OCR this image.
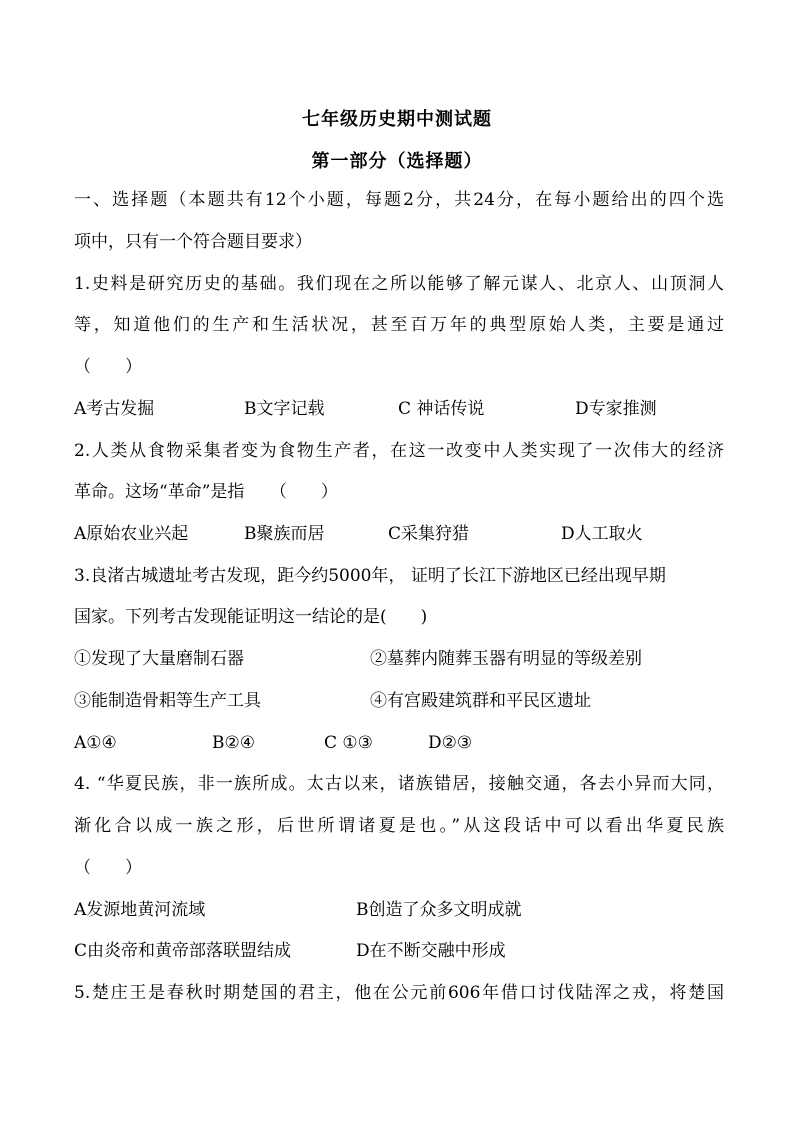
七年级历史期中测试题
第一部分（选择题）
一、选择题（本题共有12个小题，每题2分，共24分，在每小题给出的四个选
项中，只有一个符合题目要求）
1.史料是研究历史的基础。我们现在之所以能够了解元谋人、北京人、山顶洞人
等，知道他们的生产和生活状况，甚至百万年的典型原始人类，主要是通过
（　　）
A考古发掘	B文字记载	C 神话传说	D专家推测
2.人类从食物采集者变为食物生产者，在这一改变中人类实现了一次伟大的经济
革命。这场“革命”是指　　（　　）
A原始农业兴起	B聚族而居	C采集狩猎	D人工取火
3.良渚古城遗址考古发现，距今约5000年， 证明了长江下游地区已经出现早期
国家。下列考古发现能证明这一结论的是(　　)
①发现了大量磨制石器	②墓葬内随葬玉器有明显的等级差别
③能制造骨耜等生产工具	④有宫殿建筑群和平民区遗址
A①④	B②④	C ①③	D②③
4. “华夏民族，非一族所成。太古以来，诸族错居，接触交通，各去小异而大同，
渐化合以成一族之形，后世所谓诸夏是也。”从这段话中可以看出华夏民族
（　　）
A发源地黄河流域	B创造了众多文明成就
C由炎帝和黄帝部落联盟结成	D在不断交融中形成
5.楚庄王是春秋时期楚国的君主，他在公元前606年借口讨伐陆浑之戎，将楚国
